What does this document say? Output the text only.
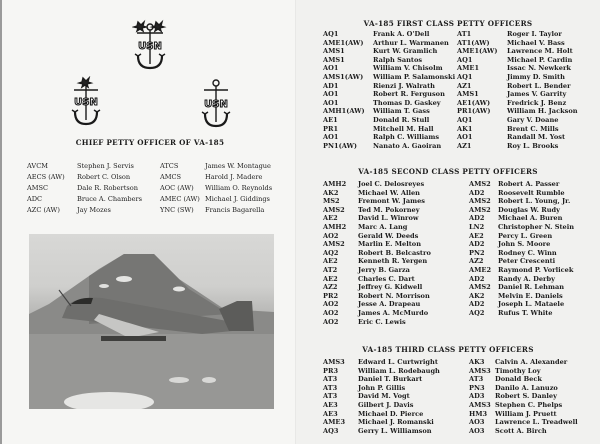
USN
USN	USN
CHIEF PETTY OFFICER OF VA-185
AVCM	Stephen J. Servis	ATCS	James W. Montague
AECS (AW) Robert C. Olson	AMCS	Harold J. Madere
AMSC	Dale R. Robertson	AOC (AW) William O. Reynolds
ADC	Bruce A. Chambers	AMEC (AW) Michael J. Giddings
AZC (AW)	Jay Mozes	YNC (SW) Francis Bagarella
VA-185 FIRST CLASS PETTY OFFICERS
AQ1	Frank A. O'Dell	AT1	Roger I. Taylor
AME1(AW) Arthur L. Warmanen AT1(AW)	Michael V. Bass
AMS1	Kurt W. Gramlich	AME1(AW) Lawrence M. Holt
AMS1	Ralph Santos	AQ1	Michael P. Cardin
AO1	William V. Chisolm AME1	Issac N. Newkerk
AMS1(AW) William P. Salamonski AQ1	Jimmy D. Smith
AD1	Rienzi J. Walrath	AZ1	Robert L. Bender
AO1	Robert R. Ferguson AMS1	James V. Garrity
AO1	Thomas D. Gaskey AE1(AW)	Fredrick J. Benz
AMH1(AW) William T. Gass	PR1(AW)	William H. Jackson
AE1	Donald R. Stull	AQ1	Gary V. Doane
PR1	Mitchell M. Hall	AK1	Brent C. Mills
AO1	Ralph C. Williams	AO1	Randall M. Yost
PN1(AW) Nanato A. Gaoiran AZ1	Roy L. Brooks
VA-185 SECOND CLASS PETTY OFFICERS
AMH2 Joel C. Delosreyes	AMS2 Robert A. Passer
AK2	Michael W. Allen	AD2 Roosevelt Rumble
MS2	Fremont W. James	AMS2 Robert L. Young, Jr.
AMS2 Ted M. Pokorney	AMS2 Douglas W. Rudy
AE2	David L. Winrow	AD2 Michael A. Buren
AMH2 Marc A. Lang	LN2 Christopher N. Stein
AO2	Gerald W. Deeds	AE2 Percy L. Green
AMS2 Marlin E. Melton	AD2 John S. Moore
AQ2	Robert B. Belcastro	PN2 Rodney C. Winn
AE2	Kenneth R. Yergen	AZ2 Peter Crescenti
AT2	Jerry B. Garza	AME2 Raymond P. Vorlicek
AE2	Charles C. Dart	AD2 Randy A. Derby
AZ2	Jeffrey G. Kidwell	AMS2 Daniel R. Lehman
PR2	Robert N. Morrison	AK2 Melvin E. Daniels
AO2	Jesse A. Drapeau	AD2 Joseph L. Mataele
AO2	James A. McMurdo	AQ2 Rufus T. White
AO2	Eric C. Lewis
VA-185 THIRD CLASS PETTY OFFICERS
AMS3 Edward L. Curtwright	AK3 Calvin A. Alexander
PR3	William L. Rodebaugh	AMS3 Timothy Loy
AT3	Daniel T. Burkart	AT3 Donald Beck
AT3	John P. Gillis	PN3 Danilo A. Lanuzo
AT3	David M. Vogt	AD3 Robert S. Danley
AE3	Gilbert J. Davis	AMS3 Stephen C. Phelps
AE3	Michael D. Pierce	HM3 William J. Pruett
AME3 Michael J. Romanski	AO3 Lawrence L. Treadwell
AQ3	Gerry L. Williamson	AO3 Scott A. Birch
